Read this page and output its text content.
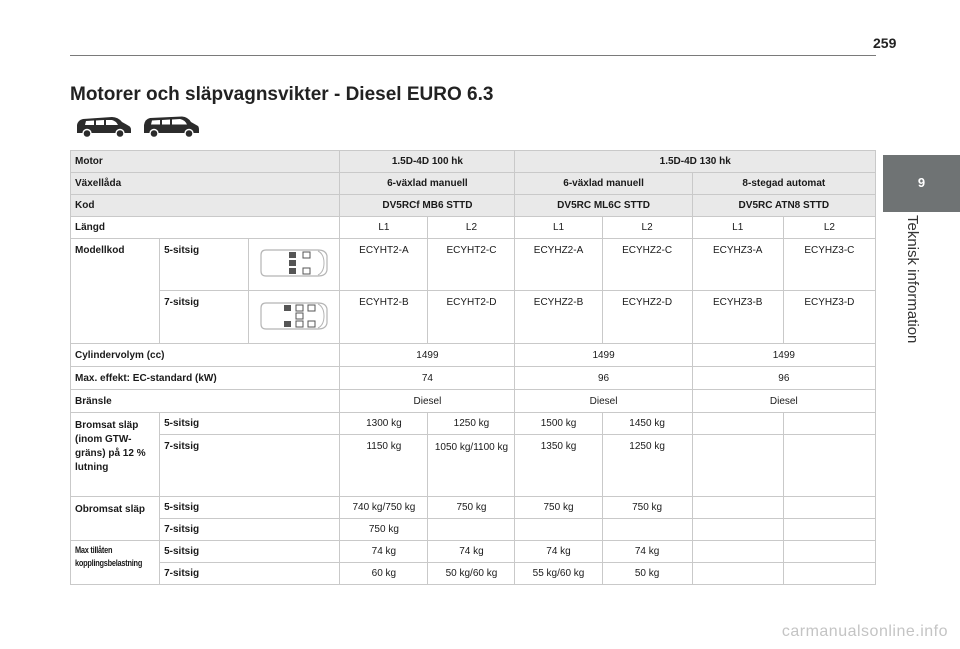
259
Motorer och släpvagnsvikter - Diesel EURO 6.3
9
Teknisk information
Motor			1.5D-4D 100 hk		1.5D-4D 130 hk			
Växellåda			6-växlad manuell		6-växlad manuell		8-stegad automat	
Kod			DV5RCf MB6 STTD		DV5RC ML6C STTD		DV5RC ATN8 STTD	
Längd			L1	L2	L1	L2	L1	L2
Modellkod	5-sitsig		ECYHT2-A	ECYHT2-C	ECYHZ2-A	ECYHZ2-C	ECYHZ3-A	ECYHZ3-C
	7-sitsig		ECYHT2-B	ECYHT2-D	ECYHZ2-B	ECYHZ2-D	ECYHZ3-B	ECYHZ3-D
Cylindervolym (cc)			1499		1499		1499	
Max. effekt: EC-standard (kW)			74		96		96	
Bränsle			Diesel		Diesel		Diesel	
Bromsat släp (inom GTW-gräns) på 12 % lutning	5-sitsig		1300 kg	1250 kg	1500 kg	1450 kg		
	7-sitsig		1150 kg	1050 kg/1100 kg	1350 kg	1250 kg		
Obromsat släp	5-sitsig		740 kg/750 kg	750 kg	750 kg	750 kg		
	7-sitsig		750 kg					
Max tillåten kopplingsbelastning	5-sitsig		74 kg	74 kg	74 kg	74 kg		
	7-sitsig		60 kg	50 kg/60 kg	55 kg/60 kg	50 kg		
carmanualsonline.info
